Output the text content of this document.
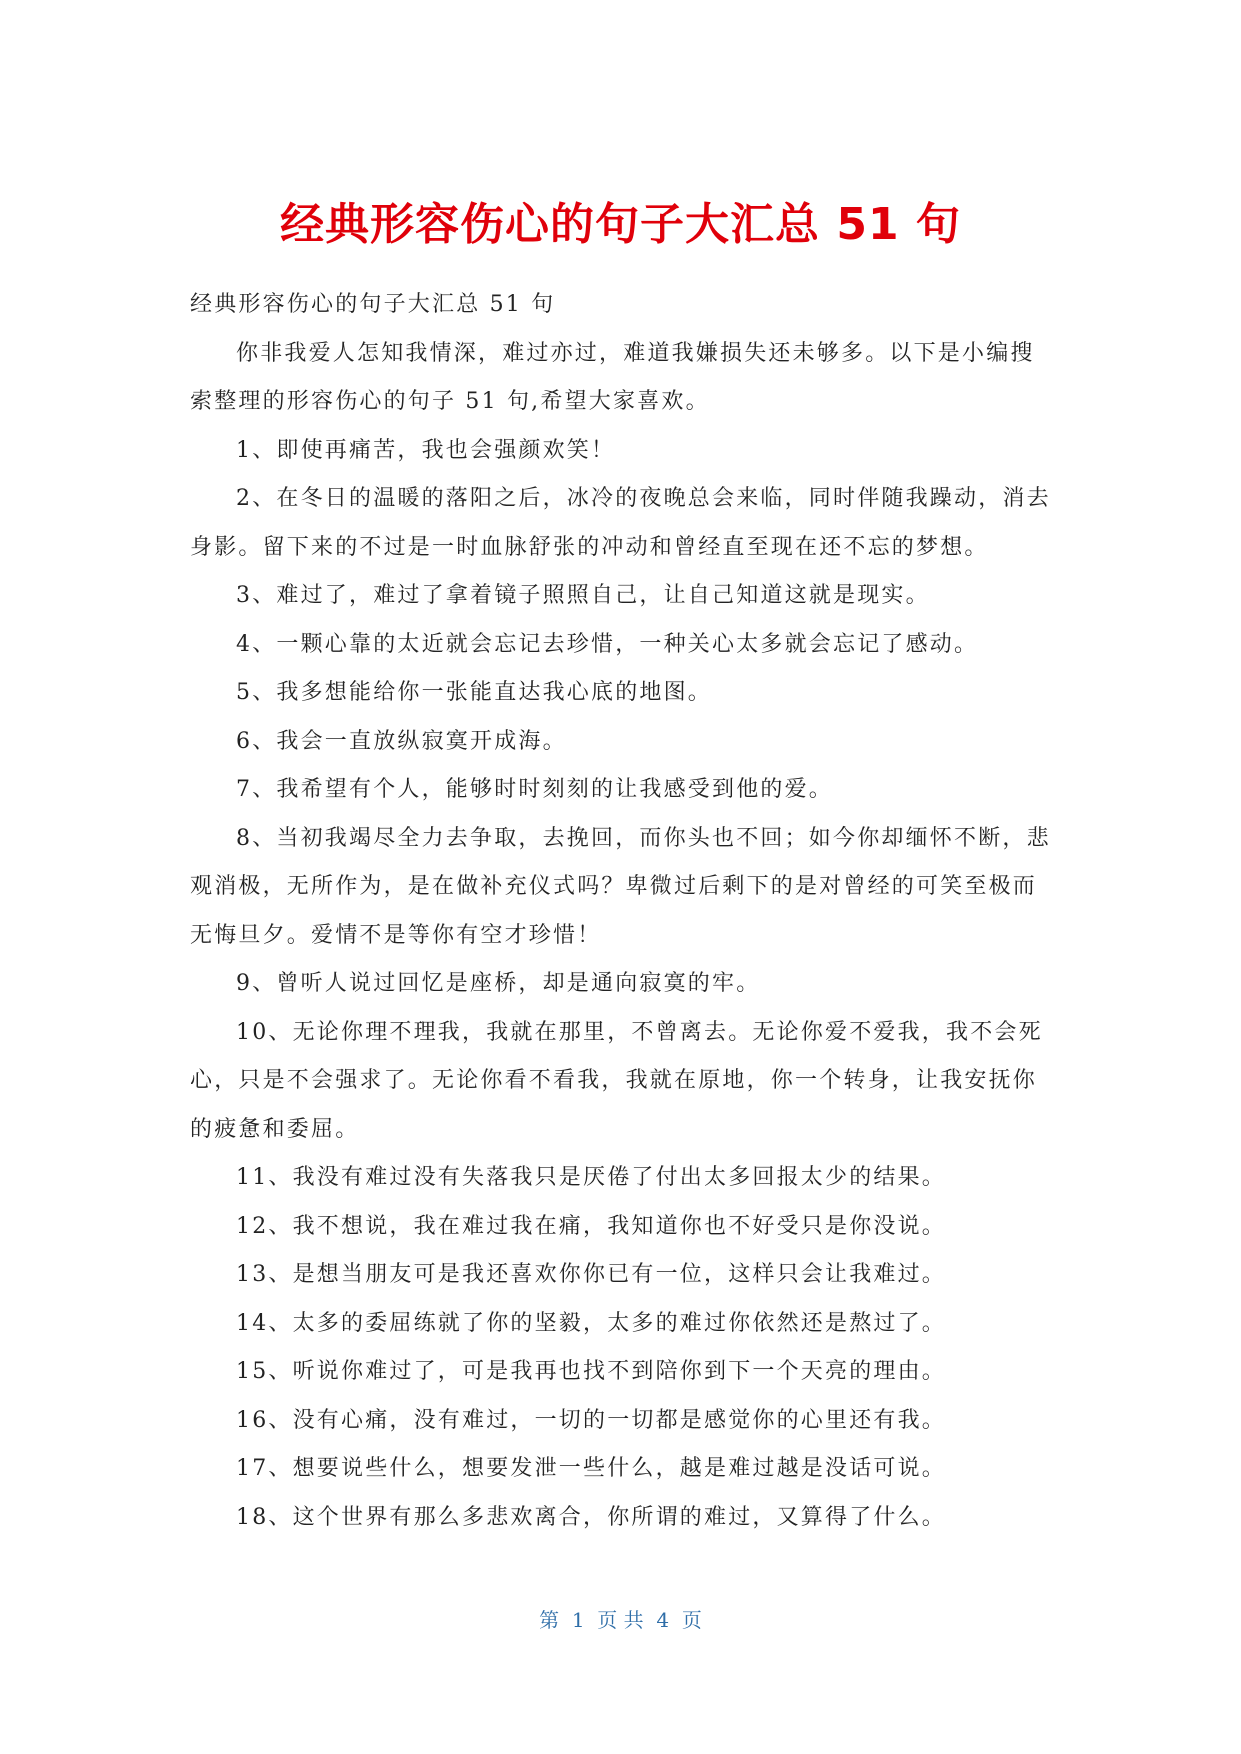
经典形容伤心的句子大汇总 51 句

经典形容伤心的句子大汇总 51 句

你非我爱人怎知我情深，难过亦过，难道我嫌损失还未够多。以下是小编搜索整理的形容伤心的句子 51 句,希望大家喜欢。

1、即使再痛苦，我也会强颜欢笑！

2、在冬日的温暖的落阳之后，冰冷的夜晚总会来临，同时伴随我躁动，消去身影。留下来的不过是一时血脉舒张的冲动和曾经直至现在还不忘的梦想。

3、难过了，难过了拿着镜子照照自己，让自己知道这就是现实。

4、一颗心靠的太近就会忘记去珍惜，一种关心太多就会忘记了感动。

5、我多想能给你一张能直达我心底的地图。

6、我会一直放纵寂寞开成海。

7、我希望有个人，能够时时刻刻的让我感受到他的爱。

8、当初我竭尽全力去争取，去挽回，而你头也不回；如今你却缅怀不断，悲观消极，无所作为，是在做补充仪式吗？卑微过后剩下的是对曾经的可笑至极而无悔旦夕。爱情不是等你有空才珍惜！

9、曾听人说过回忆是座桥，却是通向寂寞的牢。

10、无论你理不理我，我就在那里，不曾离去。无论你爱不爱我，我不会死心，只是不会强求了。无论你看不看我，我就在原地，你一个转身，让我安抚你的疲惫和委屈。

11、我没有难过没有失落我只是厌倦了付出太多回报太少的结果。

12、我不想说，我在难过我在痛，我知道你也不好受只是你没说。

13、是想当朋友可是我还喜欢你你已有一位，这样只会让我难过。

14、太多的委屈练就了你的坚毅，太多的难过你依然还是熬过了。

15、听说你难过了，可是我再也找不到陪你到下一个天亮的理由。

16、没有心痛，没有难过，一切的一切都是感觉你的心里还有我。

17、想要说些什么，想要发泄一些什么，越是难过越是没话可说。

18、这个世界有那么多悲欢离合，你所谓的难过，又算得了什么。

第  1  页 共  4  页
